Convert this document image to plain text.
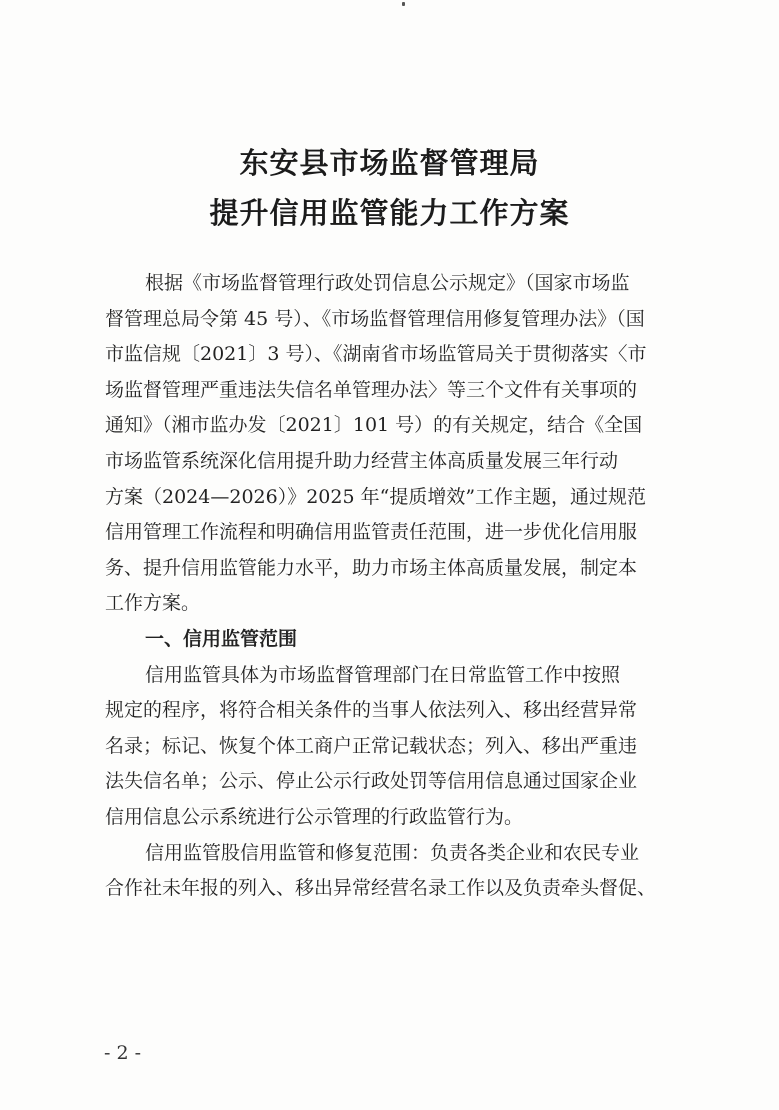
东安县市场监督管理局
提升信用监管能力工作方案
根据《市场监督管理行政处罚信息公示规定》（国家市场监
督管理总局令第 45 号）、《市场监督管理信用修复管理办法》（国
市监信规〔2021〕3 号）、《湖南省市场监管局关于贯彻落实〈市
场监督管理严重违法失信名单管理办法〉等三个文件有关事项的
通知》（湘市监办发〔2021〕101 号）的有关规定，结合《全国
市场监管系统深化信用提升助力经营主体高质量发展三年行动
方案（2024—2026）》2025 年“提质增效”工作主题，通过规范
信用管理工作流程和明确信用监管责任范围，进一步优化信用服
务、提升信用监管能力水平，助力市场主体高质量发展，制定本
工作方案。
一、信用监管范围
信用监管具体为市场监督管理部门在日常监管工作中按照
规定的程序，将符合相关条件的当事人依法列入、移出经营异常
名录；标记、恢复个体工商户正常记载状态；列入、移出严重违
法失信名单；公示、停止公示行政处罚等信用信息通过国家企业
信用信息公示系统进行公示管理的行政监管行为。
信用监管股信用监管和修复范围：负责各类企业和农民专业
合作社未年报的列入、移出异常经营名录工作以及负责牵头督促、
- 2 -
